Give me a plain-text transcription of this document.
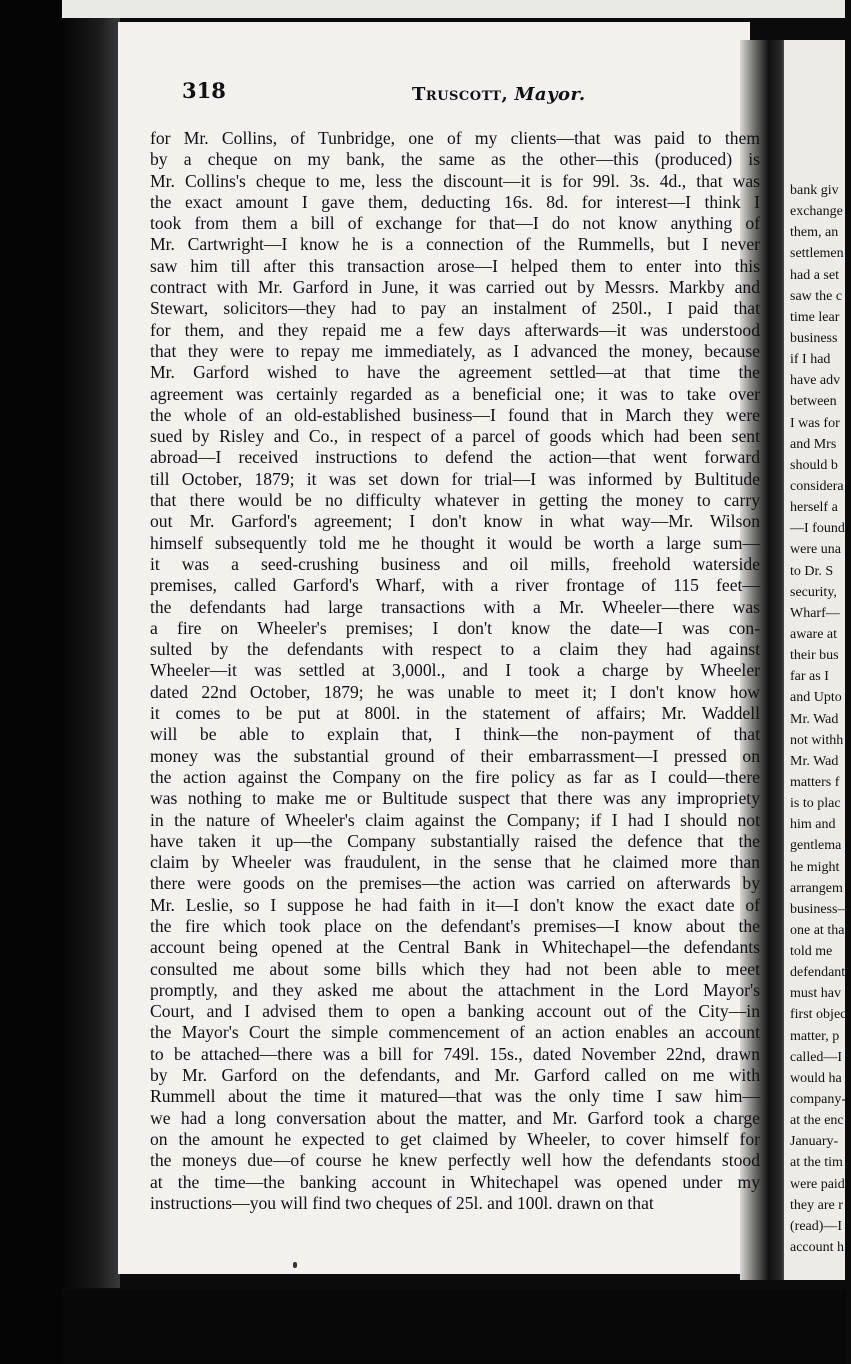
bank giv
exchange
them, an
settlemen
had a set
saw the c
time lear
business
if I had
have adv
between
I was for
and Mrs
should b
considera
herself a
—I found
were una
to Dr. S
security,
Wharf—
aware at
their bus
far as I
and Upto
Mr. Wad
not withh
Mr. Wad
matters f
is to plac
him and
gentlema
he might
arrangem
business—
one at tha
told me
defendant
must hav
first objec
matter, p
called—I
would ha
company-
at the enc
January-
at the tim
were paid
they are r
(read)—I
account h
318	Truscott, Mayor.
for Mr. Collins, of Tunbridge, one of my clients—that was paid to them
by a cheque on my bank, the same as the other—this (produced) is
Mr. Collins's cheque to me, less the discount—it is for 99l. 3s. 4d., that was
the exact amount I gave them, deducting 16s. 8d. for interest—I think I
took from them a bill of exchange for that—I do not know anything of
Mr. Cartwright—I know he is a connection of the Rummells, but I never
saw him till after this transaction arose—I helped them to enter into this
contract with Mr. Garford in June, it was carried out by Messrs. Markby and
Stewart, solicitors—they had to pay an instalment of 250l., I paid that
for them, and they repaid me a few days afterwards—it was understood
that they were to repay me immediately, as I advanced the money, because
Mr. Garford wished to have the agreement settled—at that time the
agreement was certainly regarded as a beneficial one; it was to take over
the whole of an old-established business—I found that in March they were
sued by Risley and Co., in respect of a parcel of goods which had been sent
abroad—I received instructions to defend the action—that went forward
till October, 1879; it was set down for trial—I was informed by Bultitude
that there would be no difficulty whatever in getting the money to carry
out Mr. Garford's agreement; I don't know in what way—Mr. Wilson
himself subsequently told me he thought it would be worth a large sum—
it was a seed-crushing business and oil mills, freehold waterside
premises, called Garford's Wharf, with a river frontage of 115 feet—
the defendants had large transactions with a Mr. Wheeler—there was
a fire on Wheeler's premises; I don't know the date—I was con-
sulted by the defendants with respect to a claim they had against
Wheeler—it was settled at 3,000l., and I took a charge by Wheeler
dated 22nd October, 1879; he was unable to meet it; I don't know how
it comes to be put at 800l. in the statement of affairs; Mr. Waddell
will be able to explain that, I think—the non-payment of that
money was the substantial ground of their embarrassment—I pressed on
the action against the Company on the fire policy as far as I could—there
was nothing to make me or Bultitude suspect that there was any impropriety
in the nature of Wheeler's claim against the Company; if I had I should not
have taken it up—the Company substantially raised the defence that the
claim by Wheeler was fraudulent, in the sense that he claimed more than
there were goods on the premises—the action was carried on afterwards by
Mr. Leslie, so I suppose he had faith in it—I don't know the exact date of
the fire which took place on the defendant's premises—I know about the
account being opened at the Central Bank in Whitechapel—the defendants
consulted me about some bills which they had not been able to meet
promptly, and they asked me about the attachment in the Lord Mayor's
Court, and I advised them to open a banking account out of the City—in
the Mayor's Court the simple commencement of an action enables an account
to be attached—there was a bill for 749l. 15s., dated November 22nd, drawn
by Mr. Garford on the defendants, and Mr. Garford called on me with
Rummell about the time it matured—that was the only time I saw him—
we had a long conversation about the matter, and Mr. Garford took a charge
on the amount he expected to get claimed by Wheeler, to cover himself for
the moneys due—of course he knew perfectly well how the defendants stood
at the time—the banking account in Whitechapel was opened under my
instructions—you will find two cheques of 25l. and 100l. drawn on that
